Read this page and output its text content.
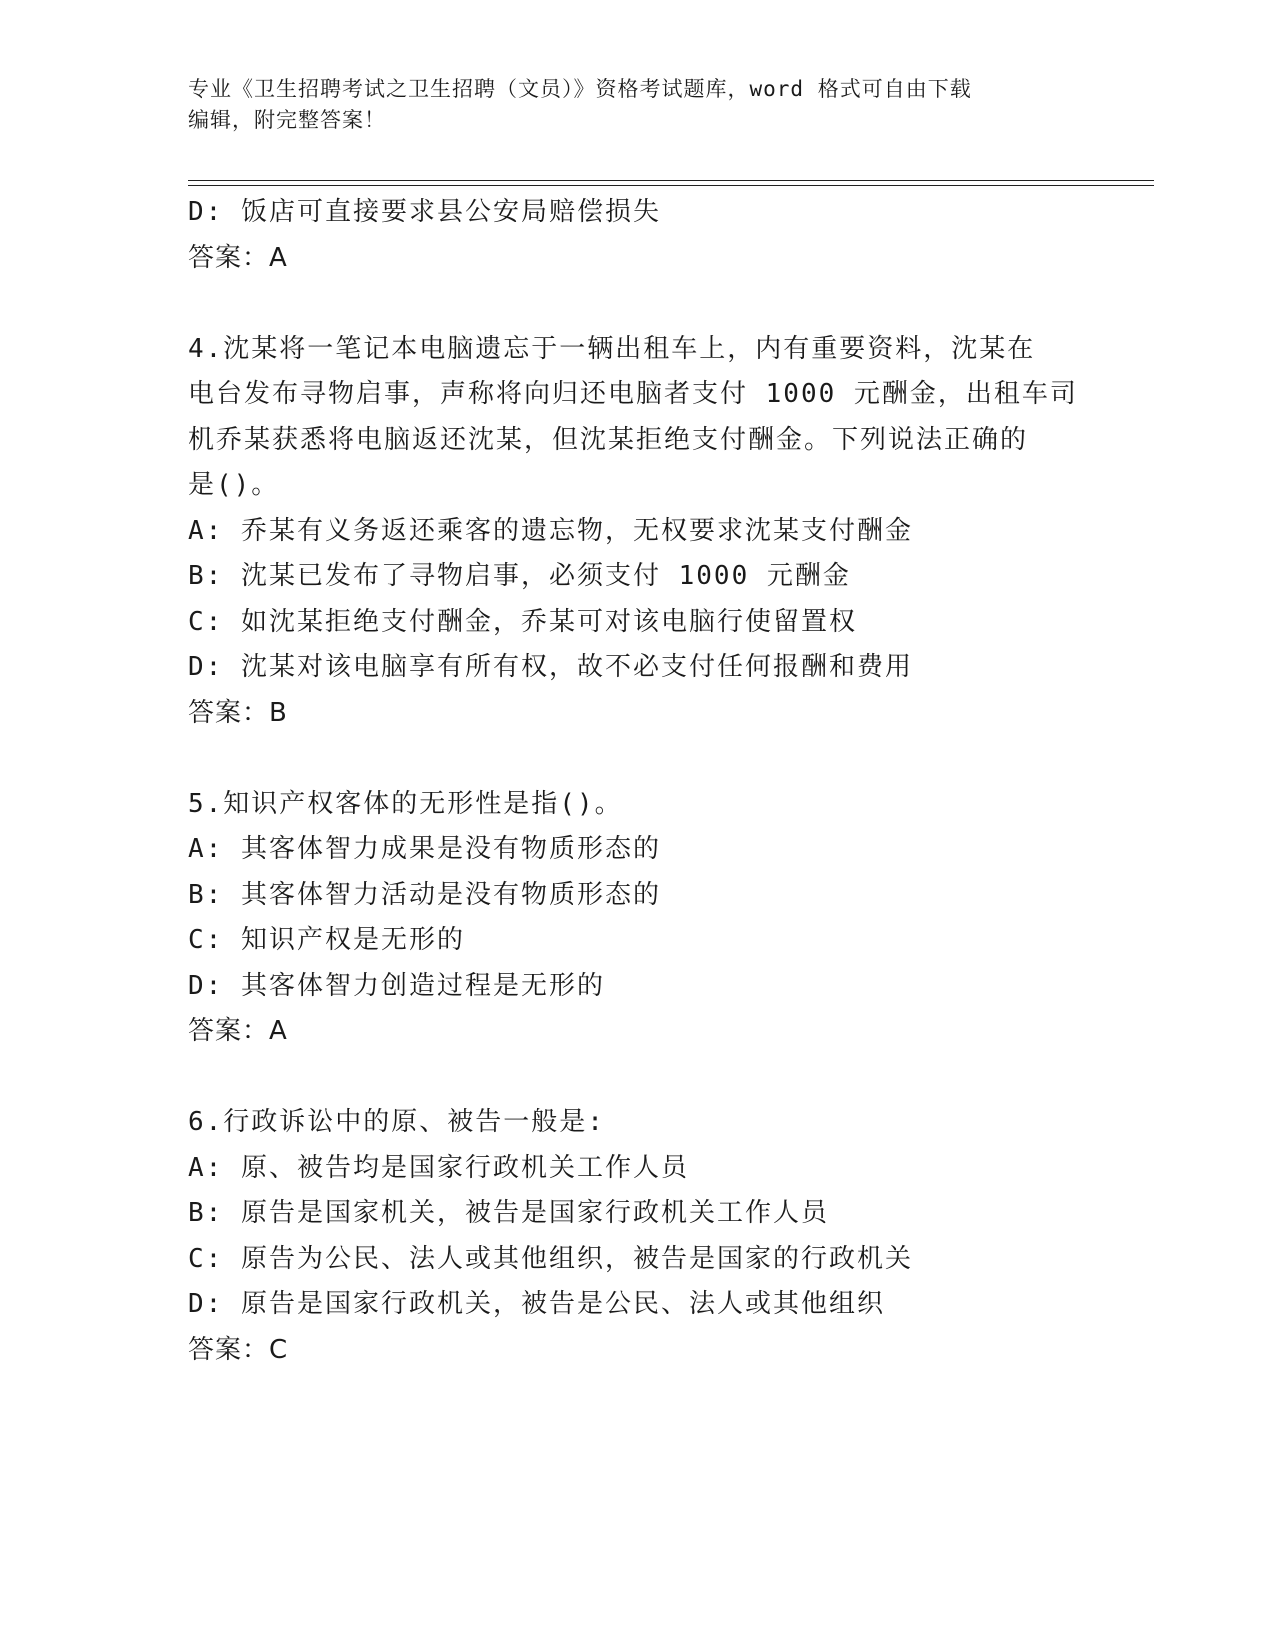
专业《卫生招聘考试之卫生招聘（文员）》资格考试题库，word 格式可自由下载
编辑，附完整答案！
D: 饭店可直接要求县公安局赔偿损失
答案：A
4.沈某将一笔记本电脑遗忘于一辆出租车上，内有重要资料，沈某在
电台发布寻物启事，声称将向归还电脑者支付 1000 元酬金，出租车司
机乔某获悉将电脑返还沈某，但沈某拒绝支付酬金。下列说法正确的
是()。
A: 乔某有义务返还乘客的遗忘物，无权要求沈某支付酬金
B: 沈某已发布了寻物启事，必须支付 1000 元酬金
C: 如沈某拒绝支付酬金，乔某可对该电脑行使留置权
D: 沈某对该电脑享有所有权，故不必支付任何报酬和费用
答案：B
5.知识产权客体的无形性是指()。
A: 其客体智力成果是没有物质形态的
B: 其客体智力活动是没有物质形态的
C: 知识产权是无形的
D: 其客体智力创造过程是无形的
答案：A
6.行政诉讼中的原、被告一般是:
A: 原、被告均是国家行政机关工作人员
B: 原告是国家机关，被告是国家行政机关工作人员
C: 原告为公民、法人或其他组织，被告是国家的行政机关
D: 原告是国家行政机关，被告是公民、法人或其他组织
答案：C
